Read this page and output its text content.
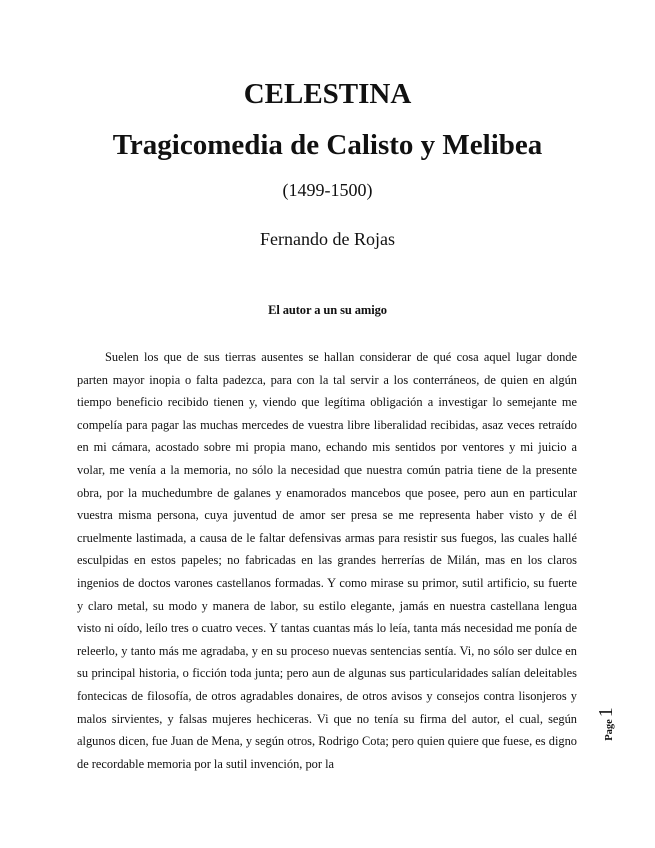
CELESTINA
Tragicomedia de Calisto y Melibea
(1499-1500)
Fernando de Rojas
El autor a un su amigo

Suelen los que de sus tierras ausentes se hallan considerar de qué cosa aquel lugar donde parten mayor inopia o falta padezca, para con la tal servir a los conterráneos, de quien en algún tiempo beneficio recibido tienen y, viendo que legítima obligación a investigar lo semejante me compelía para pagar las muchas mercedes de vuestra libre liberalidad recibidas, asaz veces retraído en mi cámara, acostado sobre mi propia mano, echando mis sentidos por ventores y mi juicio a volar, me venía a la memoria, no sólo la necesidad que nuestra común patria tiene de la presente obra, por la muchedumbre de galanes y enamorados mancebos que posee, pero aun en particular vuestra misma persona, cuya juventud de amor ser presa se me representa haber visto y de él cruelmente lastimada, a causa de le faltar defensivas armas para resistir sus fuegos, las cuales hallé esculpidas en estos papeles; no fabricadas en las grandes herrerías de Milán, mas en los claros ingenios de doctos varones castellanos formadas. Y como mirase su primor, sutil artificio, su fuerte y claro metal, su modo y manera de labor, su estilo elegante, jamás en nuestra castellana lengua visto ni oído, leílo tres o cuatro veces. Y tantas cuantas más lo leía, tanta más necesidad me ponía de releerlo, y tanto más me agradaba, y en su proceso nuevas sentencias sentía. Vi, no sólo ser dulce en su principal historia, o ficción toda junta; pero aun de algunas sus particularidades salían deleitables fontecicas de filosofía, de otros agradables donaires, de otros avisos y consejos contra lisonjeros y malos sirvientes, y falsas mujeres hechiceras. Vi que no tenía su firma del autor, el cual, según algunos dicen, fue Juan de Mena, y según otros, Rodrigo Cota; pero quien quiere que fuese, es digno de recordable memoria por la sutil invención, por la

Page
1
